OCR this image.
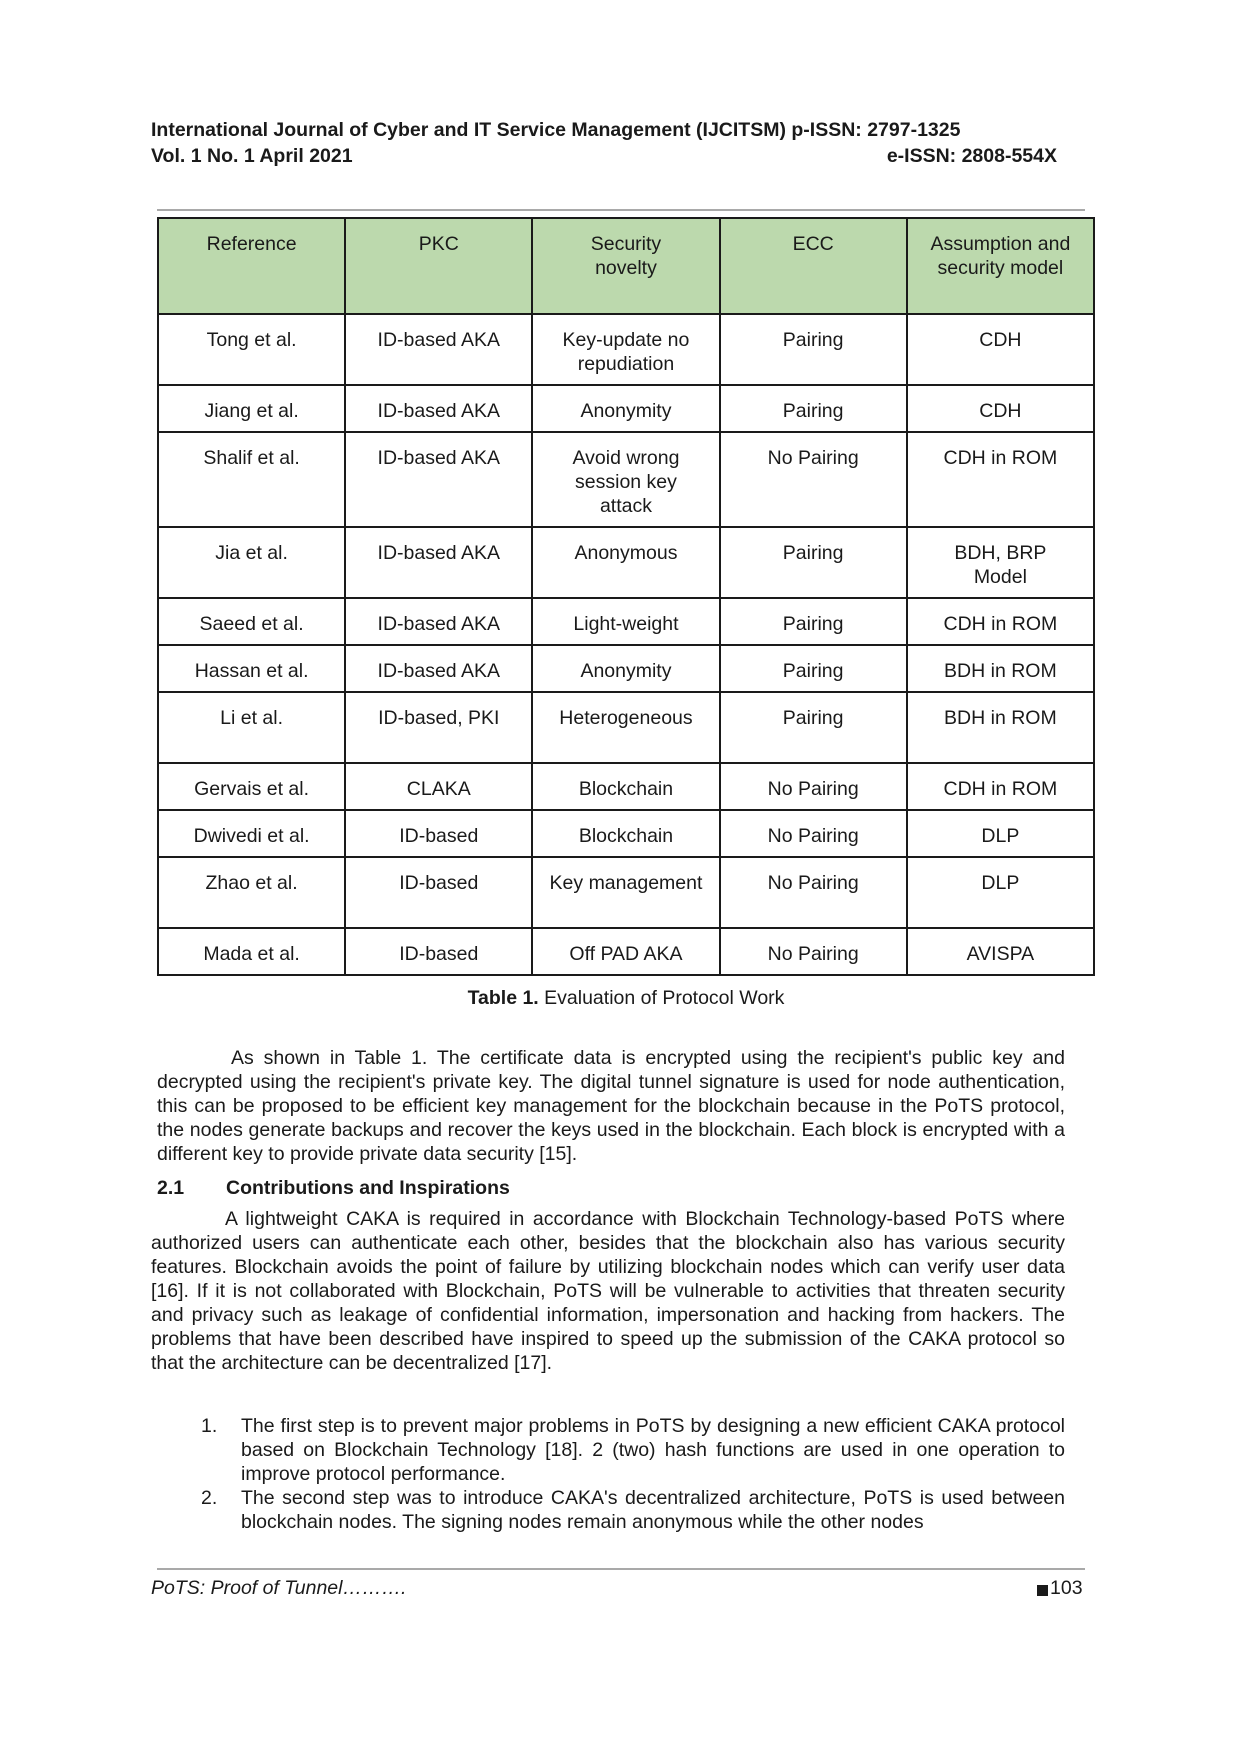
International Journal of Cyber and IT Service Management (IJCITSM) p-ISSN: 2797-1325
Vol. 1 No. 1 April 2021	e-ISSN: 2808-554X
Reference	PKC	Security novelty	ECC	Assumption and security model
Tong et al.	ID-based AKA	Key-update no repudiation	Pairing	CDH
Jiang et al.	ID-based AKA	Anonymity	Pairing	CDH
Shalif et al.	ID-based AKA	Avoid wrong session key attack	No Pairing	CDH in ROM
Jia et al.	ID-based AKA	Anonymous	Pairing	BDH, BRP Model
Saeed et al.	ID-based AKA	Light-weight	Pairing	CDH in ROM
Hassan et al.	ID-based AKA	Anonymity	Pairing	BDH in ROM
Li et al.	ID-based, PKI	Heterogeneous	Pairing	BDH in ROM
Gervais et al.	CLAKA	Blockchain	No Pairing	CDH in ROM
Dwivedi et al.	ID-based	Blockchain	No Pairing	DLP
Zhao et al.	ID-based	Key management	No Pairing	DLP
Mada et al.	ID-based	Off PAD AKA	No Pairing	AVISPA
Table 1. Evaluation of Protocol Work
As shown in Table 1. The certificate data is encrypted using the recipient's public key and decrypted using the recipient's private key. The digital tunnel signature is used for node authentication, this can be proposed to be efficient key management for the blockchain because in the PoTS protocol, the nodes generate backups and recover the keys used in the blockchain. Each block is encrypted with a different key to provide private data security [15].
2.1	Contributions and Inspirations
A lightweight CAKA is required in accordance with Blockchain Technology-based PoTS where authorized users can authenticate each other, besides that the blockchain also has various security features. Blockchain avoids the point of failure by utilizing blockchain nodes which can verify user data [16]. If it is not collaborated with Blockchain, PoTS will be vulnerable to activities that threaten security and privacy such as leakage of confidential information, impersonation and hacking from hackers. The problems that have been described have inspired to speed up the submission of the CAKA protocol so that the architecture can be decentralized [17].
1.	The first step is to prevent major problems in PoTS by designing a new efficient CAKA protocol based on Blockchain Technology [18]. 2 (two) hash functions are used in one operation to improve protocol performance.
2.	The second step was to introduce CAKA's decentralized architecture, PoTS is used between blockchain nodes. The signing nodes remain anonymous while the other nodes
PoTS: Proof of Tunnel……….	103
